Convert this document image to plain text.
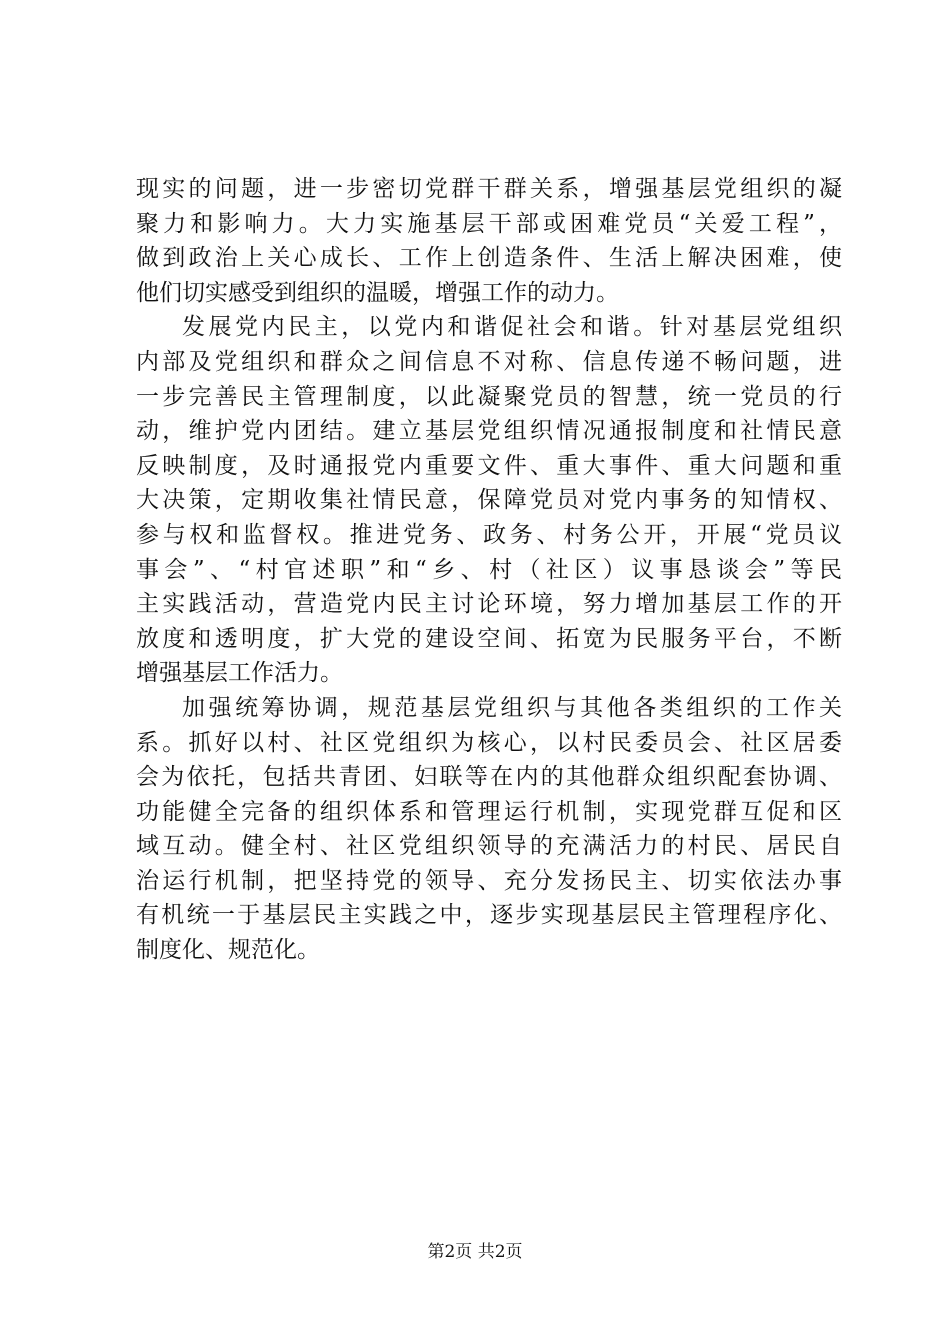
现实的问题，进一步密切党群干群关系，增强基层党组织的凝
聚力和影响力。大力实施基层干部或困难党员“关爱工程”，
做到政治上关心成长、工作上创造条件、生活上解决困难，使
他们切实感受到组织的温暖，增强工作的动力。
发展党内民主，以党内和谐促社会和谐。针对基层党组织
内部及党组织和群众之间信息不对称、信息传递不畅问题，进
一步完善民主管理制度，以此凝聚党员的智慧，统一党员的行
动，维护党内团结。建立基层党组织情况通报制度和社情民意
反映制度，及时通报党内重要文件、重大事件、重大问题和重
大决策，定期收集社情民意，保障党员对党内事务的知情权、
参与权和监督权。推进党务、政务、村务公开，开展“党员议
事会”、“村官述职”和“乡、村（社区）议事恳谈会”等民
主实践活动，营造党内民主讨论环境，努力增加基层工作的开
放度和透明度，扩大党的建设空间、拓宽为民服务平台，不断
增强基层工作活力。
加强统筹协调，规范基层党组织与其他各类组织的工作关
系。抓好以村、社区党组织为核心，以村民委员会、社区居委
会为依托，包括共青团、妇联等在内的其他群众组织配套协调、
功能健全完备的组织体系和管理运行机制，实现党群互促和区
域互动。健全村、社区党组织领导的充满活力的村民、居民自
治运行机制，把坚持党的领导、充分发扬民主、切实依法办事
有机统一于基层民主实践之中，逐步实现基层民主管理程序化、
制度化、规范化。
第2页 共2页
